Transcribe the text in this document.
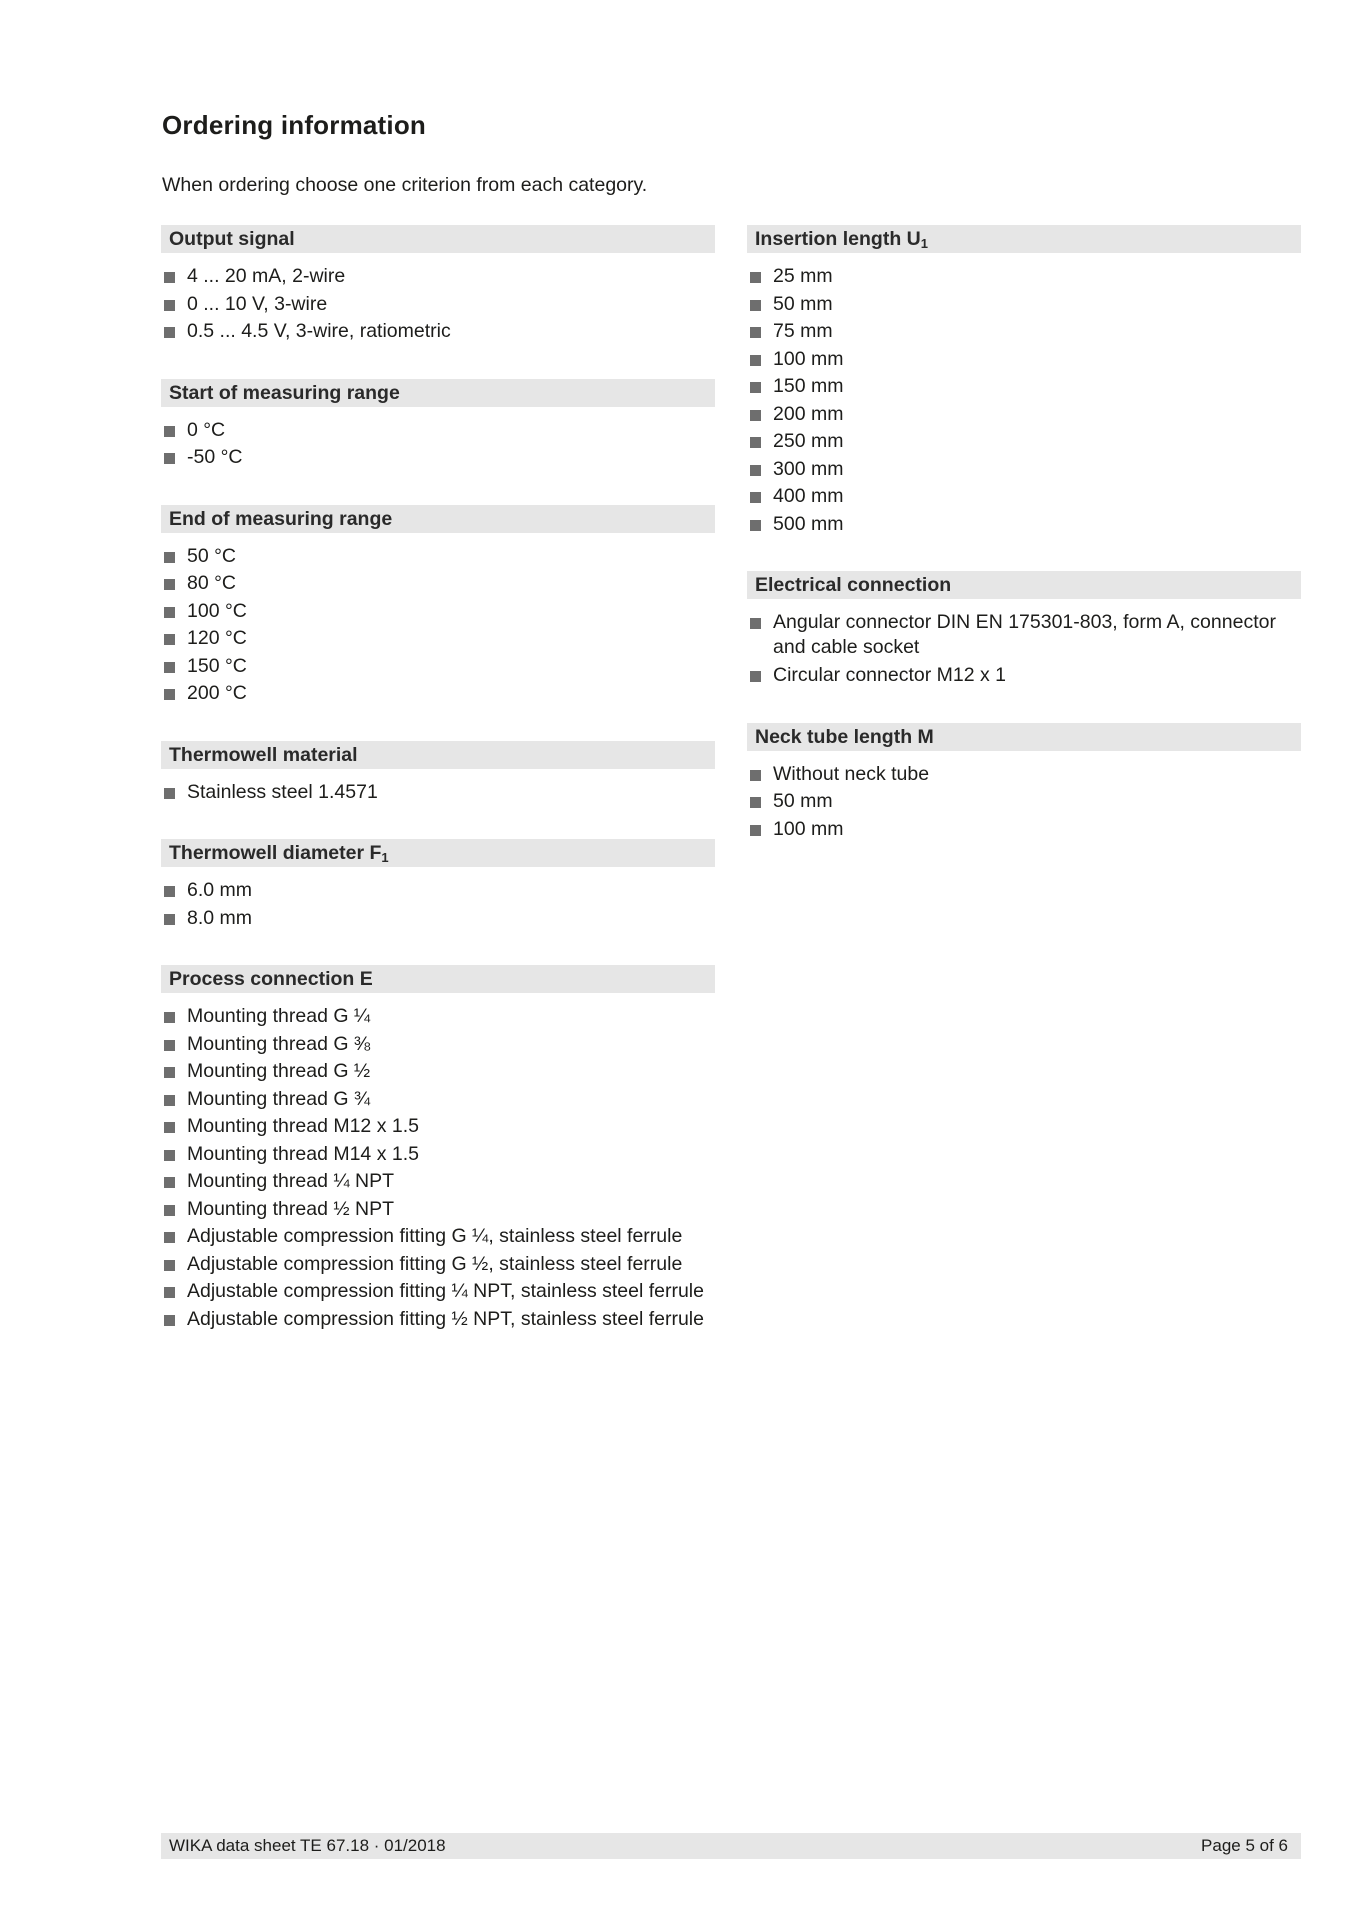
Ordering information

When ordering choose one criterion from each category.

Output signal
4 ... 20 mA, 2-wire
0 ... 10 V, 3-wire
0.5 ... 4.5 V, 3-wire, ratiometric
Start of measuring range
0 °C
-50 °C
End of measuring range
50 °C
80 °C
100 °C
120 °C
150 °C
200 °C
Thermowell material
Stainless steel 1.4571
Thermowell diameter $F_1$
6.0 mm
8.0 mm
Process connection E
Mounting thread G ¼
Mounting thread G ⅜
Mounting thread G ½
Mounting thread G ¾
Mounting thread M12 x 1.5
Mounting thread M14 x 1.5
Mounting thread ¼ NPT
Mounting thread ½ NPT
Adjustable compression fitting G ¼, stainless steel ferrule
Adjustable compression fitting G ½, stainless steel ferrule
Adjustable compression fitting ¼ NPT, stainless steel ferrule
Adjustable compression fitting ½ NPT, stainless steel ferrule
Insertion length $U_1$
25 mm
50 mm
75 mm
100 mm
150 mm
200 mm
250 mm
300 mm
400 mm
500 mm
Electrical connection
Angular connector DIN EN 175301-803, form A, connector and cable socket
Circular connector M12 x 1
Neck tube length M
Without neck tube
50 mm
100 mm
WIKA data sheet TE 67.18 · 01/2018	Page 5 of 6
